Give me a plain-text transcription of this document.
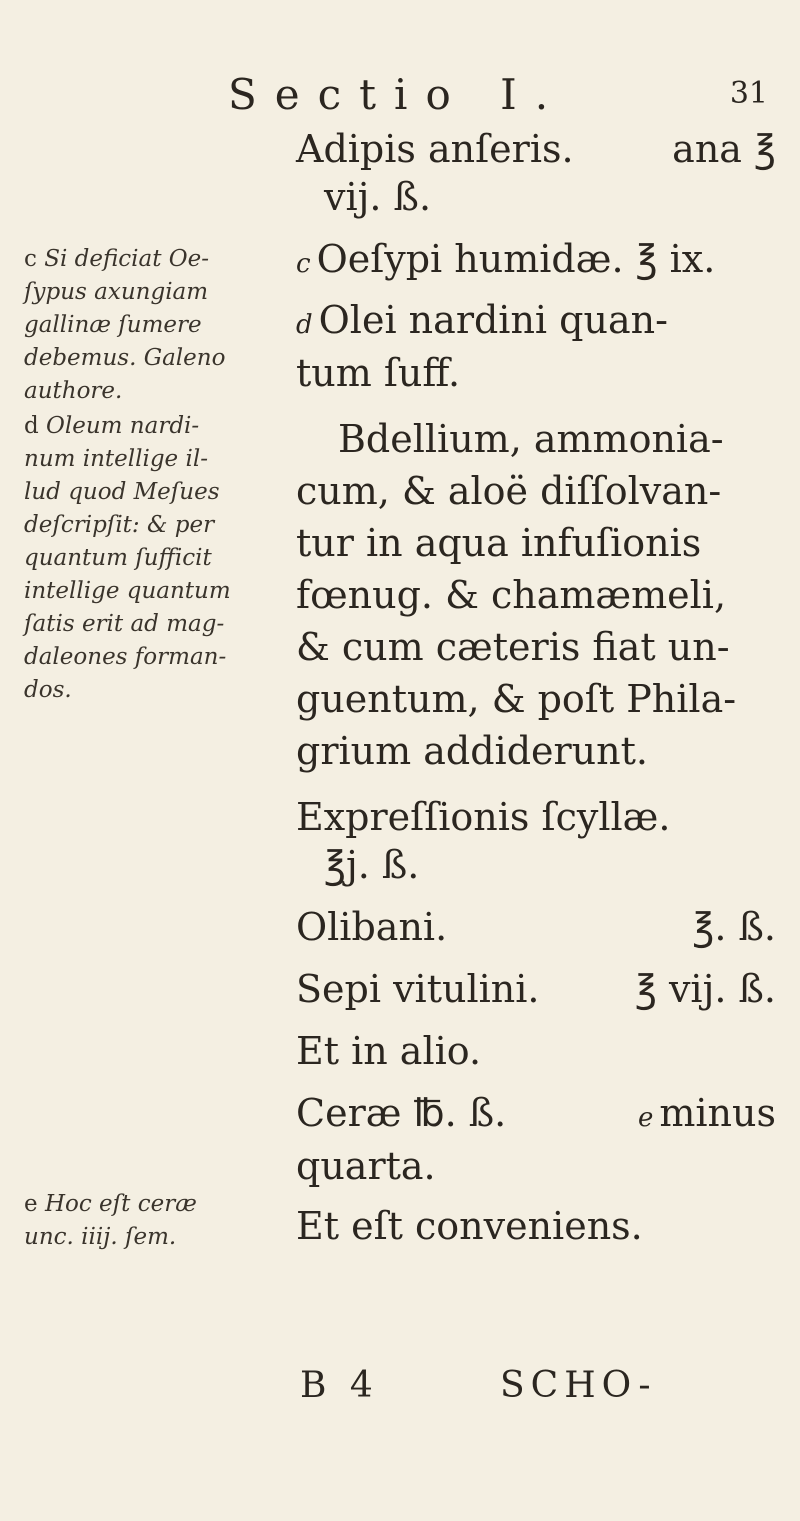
Sectio I.	31
Adipis anſeris.	ana ℥
vij. ß.
c Oeſypi humidæ. ℥ ix.
d Olei nardini quan-
tum ſuff.
Bdellium, ammonia-
cum, & aloë diſſolvan-
tur in aqua infuſionis
fœnug. & chamæmeli,
& cum cæteris fiat un-
guentum, & poſt Phila-
grium addiderunt.
Expreſſionis ſcyllæ.
℥j. ß.
Olibani.	℥. ß.
Sepi vitulini.	℥ vij. ß.
Et in alio.
Ceræ ℔. ß.	e minus
quarta.
Et eſt conveniens.
c Si deficiat Oe-
ſypus axungiam
gallinæ ſumere
debemus. Galeno
authore.
d Oleum nardi-
num intellige il-
lud quod Meſues
deſcripſit: & per
quantum ſufficit
intellige quantum
ſatis erit ad mag-
daleones forman-
dos.
e Hoc eſt ceræ
unc. iiij. ſem.
B 4	SCHO-
